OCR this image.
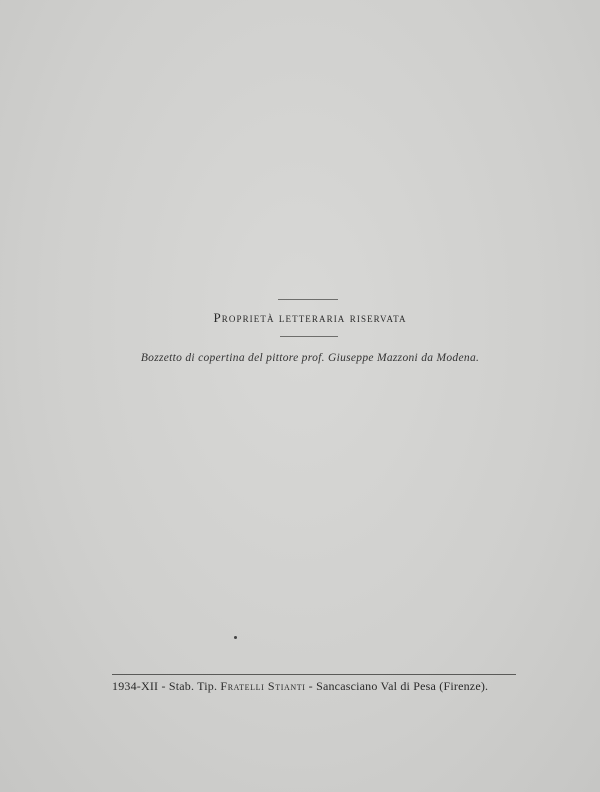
Proprietà letteraria riservata
Bozzetto di copertina del pittore prof. Giuseppe Mazzoni da Modena.
1934-XII - Stab. Tip. Fratelli Stianti - Sancasciano Val di Pesa (Firenze).
